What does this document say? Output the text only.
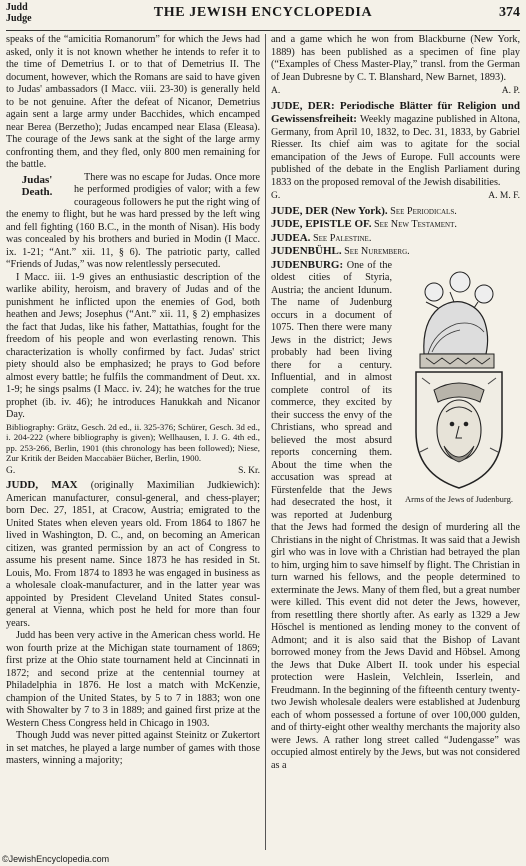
Judd
Judge	THE JEWISH ENCYCLOPEDIA	374

speaks of the “amicitia Romanorum” for which the Jews had asked, only it is not known whether he intends to refer it to the time of Demetrius I. or to that of Demetrius II. The document, however, which the Romans are said to have given to Judas' ambassadors (I Macc. viii. 23-30) is generally held to be not genuine. After the defeat of Nicanor, Demetrius again sent a large army under Bacchides, which encamped near Berea (Berzetho); Judas encamped near Elasa (Eleasa). The courage of the Jews sank at the sight of the large army confronting them, and they fled, only 800 men remaining for the battle.

Judas' Death.

There was no escape for Judas. Once more he performed prodigies of valor; with a few courageous followers he put the right wing of the enemy to flight, but he was hard pressed by the left wing and fell fighting (160 B.C., in the month of Nisan). His body was concealed by his brothers and buried in Modin (I Macc. ix. 1-21; “Ant.” xii. 11, § 6). The patriotic party, called “Friends of Judas,” was now relentlessly persecuted.

I Macc. iii. 1-9 gives an enthusiastic description of the warlike ability, heroism, and bravery of Judas and of the punishment he inflicted upon the enemies of God, both heathen and Jews; Josephus (“Ant.” xii. 11, § 2) emphasizes the fact that Judas, like his father, Mattathias, fought for the freedom of his people and won everlasting renown. This characterization is wholly confirmed by fact. Judas' strict piety should also be emphasized; he prays to God before almost every battle; he fulfils the commandment of Deut. xx. 1-9; he sings psalms (I Macc. iv. 24); he watches for the true prophet (ib. iv. 46); he introduces Hanukkah and Nicanor Day.

Bibliography: Grätz, Gesch. 2d ed., ii. 325-376; Schürer, Gesch. 3d ed., i. 204-222 (where bibliography is given); Wellhausen, I. J. G. 4th ed., pp. 253-266, Berlin, 1901 (this chronology has been followed); Niese, Zur Kritik der Beiden Maccabäer Bücher, Berlin, 1900.

G.	S. Kr.

JUDD, MAX (originally Maximilian Judkiewich): American manufacturer, consul-general, and chess-player; born Dec. 27, 1851, at Cracow, Austria; emigrated to the United States when eleven years old. From 1864 to 1867 he lived in Washington, D. C., and, on becoming an American citizen, was granted permission by an act of Congress to assume his present name. Since 1873 he has resided in St. Louis, Mo. From 1874 to 1893 he was engaged in business as a wholesale cloak-manufacturer, and in the latter year was appointed by President Cleveland United States consul-general at Vienna, which post he held for more than four years.

Judd has been very active in the American chess world. He won fourth prize at the Michigan state tournament of 1869; first prize at the Ohio state tournament held at Cincinnati in 1872; and second prize at the centennial tourney at Philadelphia in 1876. He lost a match with McKenzie, champion of the United States, by 5 to 7 in 1883; won one with Showalter by 7 to 3 in 1889; and gained first prize at the Western Chess Congress held in Chicago in 1903.

Though Judd was never pitted against Steinitz or Zukertort in set matches, he played a large number of games with those masters, winning a majority;

and a game which he won from Blackburne (New York, 1889) has been published as a specimen of fine play (“Examples of Chess Master-Play,” transl. from the German of Jean Dubresne by C. T. Blanshard, New Barnet, 1893).

A.	A. P.

JUDE, DER: Periodische Blätter für Religion und Gewissensfreiheit: Weekly magazine published in Altona, Germany, from April 10, 1832, to Dec. 31, 1833, by Gabriel Riesser. Its chief aim was to agitate for the social emancipation of the Jews of Europe. Full accounts were published of the debate in the English Parliament during 1833 on the proposed removal of the Jewish disabilities.

G.	A. M. F.

JUDE, DER (New York). See Periodicals.

JUDE, EPISTLE OF. See New Testament.

JUDEA. See Palestine.

JUDENBÜHL. See Nuremberg.

Arms of the Jews of Judenburg.

JUDENBURG: One of the oldest cities of Styria, Austria; the ancient Idunum. The name of Judenburg occurs in a document of 1075. Then there were many Jews in the district; Jews probably had been living there for a century. Influential, and in almost complete control of its commerce, they excited by their success the envy of the Christians, who spread and believed the most absurd reports concerning them. About the time when the accusation was spread at Fürstenfelde that the Jews had desecrated the host, it was reported at Judenburg that the Jews had formed the design of murdering all the Christians in the night of Christmas. It was said that a Jewish girl who was in love with a Christian had betrayed the plan to him, urging him to save himself by flight. The Christian in turn warned his fellows, and the people determined to exterminate the Jews. Many of them fled, but a great number were killed. This event did not deter the Jews, however, from resettling there shortly after. As early as 1329 a Jew Höschel is mentioned as lending money to the convent of Admont; and it is also said that the Bishop of Lavant borrowed money from the Jews David and Höbsel. Among the Jews that Duke Albert II. took under his especial protection were Haslein, Velchlein, Isserlein, and Freudmann. In the beginning of the fifteenth century twenty-two Jewish wholesale dealers were established at Judenburg each of whom possessed a fortune of over 100,000 gulden, and of thirty-eight other wealthy merchants the majority also were Jews. A rather long street called “Judengasse” was occupied almost entirely by the Jews, but was not considered as a

©JewishEncyclopedia.com
